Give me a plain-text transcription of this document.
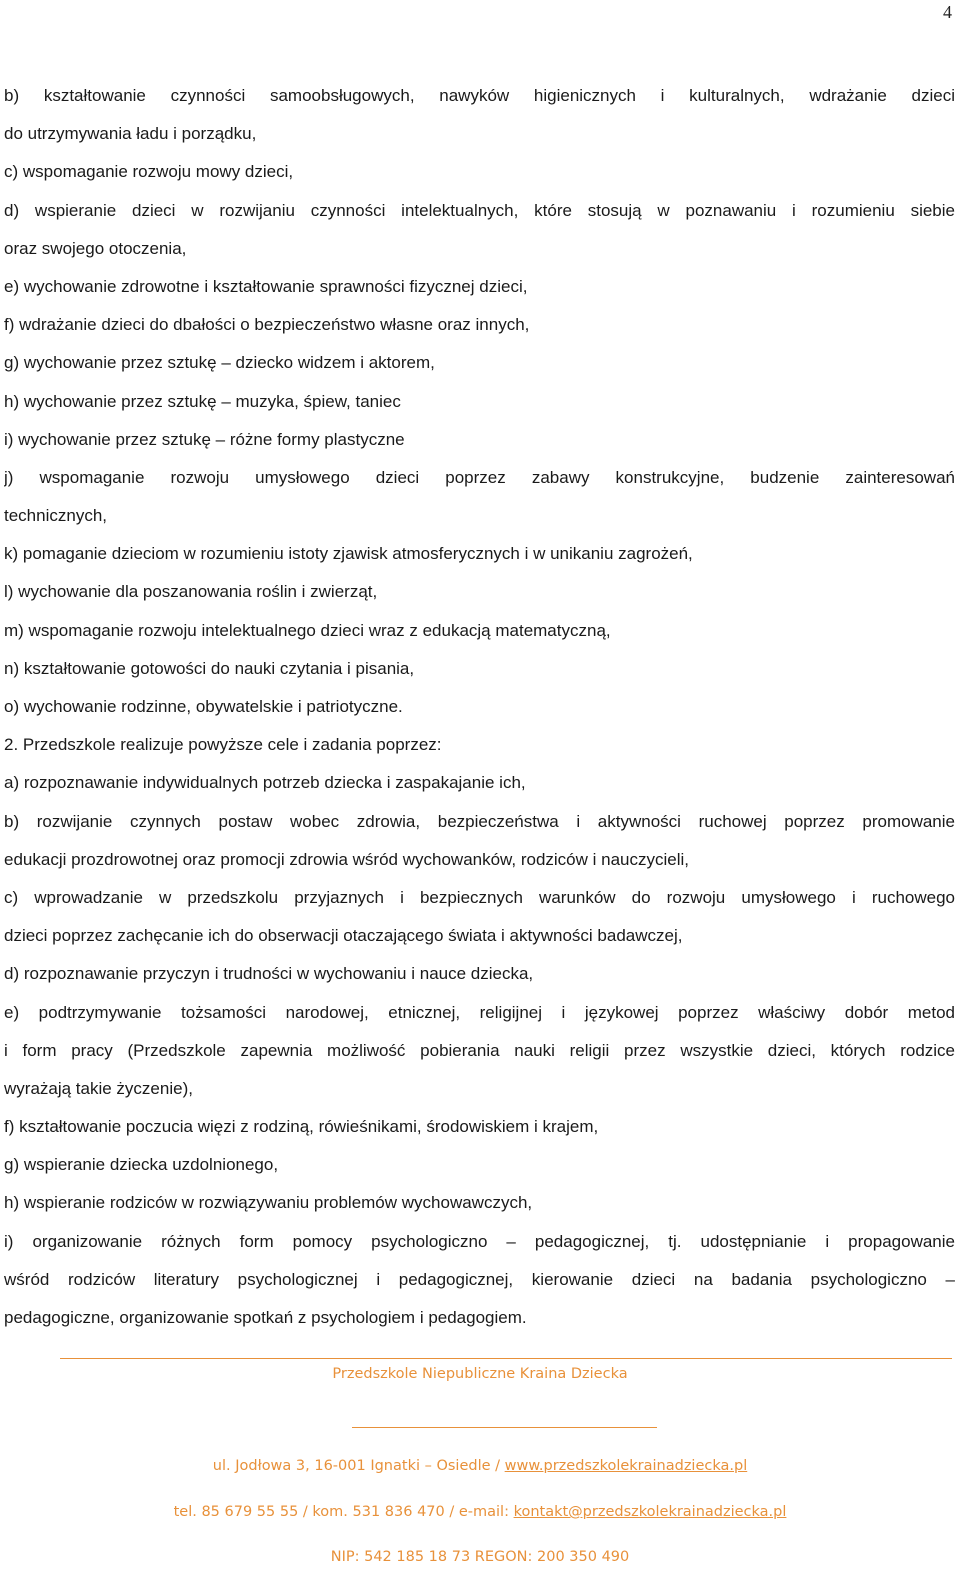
4
b) kształtowanie czynności samoobsługowych, nawyków higienicznych i kulturalnych, wdrażanie dzieci
do utrzymywania ładu i porządku,
c) wspomaganie rozwoju mowy dzieci,
d) wspieranie dzieci w rozwijaniu czynności intelektualnych, które stosują w poznawaniu i rozumieniu siebie
oraz swojego otoczenia,
e) wychowanie zdrowotne i kształtowanie sprawności fizycznej dzieci,
f) wdrażanie dzieci do dbałości o bezpieczeństwo własne oraz innych,
g) wychowanie przez sztukę – dziecko widzem i aktorem,
h) wychowanie przez sztukę – muzyka, śpiew, taniec
i) wychowanie przez sztukę – różne formy plastyczne
j) wspomaganie rozwoju umysłowego dzieci poprzez zabawy konstrukcyjne, budzenie zainteresowań
technicznych,
k) pomaganie dzieciom w rozumieniu istoty zjawisk atmosferycznych i w unikaniu zagrożeń,
l) wychowanie dla poszanowania roślin i zwierząt,
m) wspomaganie rozwoju intelektualnego dzieci wraz z edukacją matematyczną,
n) kształtowanie gotowości do nauki czytania i pisania,
o) wychowanie rodzinne, obywatelskie i patriotyczne.
2. Przedszkole realizuje powyższe cele i zadania poprzez:
a) rozpoznawanie indywidualnych potrzeb dziecka i zaspakajanie ich,
b) rozwijanie czynnych postaw wobec zdrowia, bezpieczeństwa i aktywności ruchowej poprzez promowanie
edukacji prozdrowotnej oraz promocji zdrowia wśród wychowanków, rodziców i nauczycieli,
c) wprowadzanie w przedszkolu przyjaznych i bezpiecznych warunków do rozwoju umysłowego i ruchowego
dzieci poprzez zachęcanie ich do obserwacji otaczającego świata i aktywności badawczej,
d) rozpoznawanie przyczyn i trudności w wychowaniu i nauce dziecka,
e) podtrzymywanie tożsamości narodowej, etnicznej, religijnej i językowej poprzez właściwy dobór metod
i form pracy (Przedszkole zapewnia możliwość pobierania nauki religii przez wszystkie dzieci, których rodzice
wyrażają takie życzenie),
f) kształtowanie poczucia więzi z rodziną, rówieśnikami, środowiskiem i krajem,
g) wspieranie dziecka uzdolnionego,
h) wspieranie rodziców w rozwiązywaniu problemów wychowawczych,
i) organizowanie różnych form pomocy psychologiczno – pedagogicznej, tj. udostępnianie i propagowanie
wśród rodziców literatury psychologicznej i pedagogicznej, kierowanie dzieci na badania psychologiczno –
pedagogiczne, organizowanie spotkań z psychologiem i pedagogiem.
Przedszkole Niepubliczne Kraina Dziecka
ul. Jodłowa 3, 16-001 Ignatki – Osiedle / www.przedszkolekrainadziecka.pl
tel. 85 679 55 55 / kom. 531 836 470 / e-mail: kontakt@przedszkolekrainadziecka.pl
NIP: 542 185 18 73 REGON: 200 350 490
